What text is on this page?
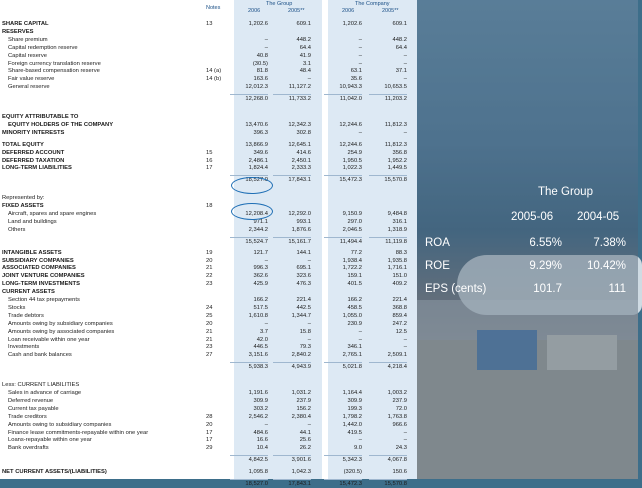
Notes
The Group	The Company
2006	2005**	2006	2005**
SHARE CAPITAL	13	1,202.6	609.1	1,202.6	609.1
RESERVES
Share premium	–	448.2	–	448.2
Capital redemption reserve	–	64.4	–	64.4
Capital reserve	40.8	41.9	–	–
Foreign currency translation reserve	(30.5)	3.1	–	–
Share-based compensation reserve	14 (a)	81.8	48.4	63.1	37.1
Fair value reserve	14 (b)	163.6	–	35.6	–
General reserve	12,012.3	11,127.2	10,943.3	10,653.5
12,268.0	11,733.2	11,042.0	11,203.2
EQUITY ATTRIBUTABLE TO
EQUITY HOLDERS OF THE COMPANY	13,470.6	12,342.3	12,244.6	11,812.3
MINORITY INTERESTS	396.3	302.8	–	–
TOTAL EQUITY	13,866.9	12,645.1	12,244.6	11,812.3
DEFERRED ACCOUNT	15	349.6	414.6	254.9	356.8
DEFERRED TAXATION	16	2,486.1	2,450.1	1,950.5	1,952.2
LONG-TERM LIABILITIES	17	1,824.4	2,333.3	1,022.3	1,449.5
18,527.0	17,843.1	15,472.3	15,570.8
Represented by:
FIXED ASSETS	18
Aircraft, spares and spare engines	12,208.4	12,292.0	9,150.9	9,484.8
Land and buildings	971.1	993.1	297.0	316.1
Others	2,344.2	1,876.6	2,046.5	1,318.9
15,524.7	15,161.7	11,494.4	11,119.8
INTANGIBLE ASSETS	19	121.7	144.1	77.2	88.3
SUBSIDIARY COMPANIES	20	–	–	1,938.4	1,935.8
ASSOCIATED COMPANIES	21	996.3	695.1	1,722.2	1,716.1
JOINT VENTURE COMPANIES	22	362.6	323.6	159.1	151.0
LONG-TERM INVESTMENTS	23	425.9	476.3	401.5	409.2
CURRENT ASSETS
Section 44 tax prepayments	166.2	221.4	166.2	221.4
Stocks	24	517.5	442.5	458.5	368.8
Trade debtors	25	1,610.8	1,344.7	1,055.0	859.4
Amounts owing by subsidiary companies	20	–	–	230.9	247.2
Amounts owing by associated companies	21	3.7	15.8	–	12.5
Loan receivable within one year	21	42.0	–	–	–
Investments	23	446.5	79.3	346.1	–
Cash and bank balances	27	3,151.6	2,840.2	2,765.1	2,509.1
5,938.3	4,943.9	5,021.8	4,218.4
Less: CURRENT LIABILITIES
Sales in advance of carriage	1,191.6	1,031.2	1,164.4	1,003.2
Deferred revenue	309.9	237.9	309.9	237.9
Current tax payable	303.2	156.2	199.3	72.0
Trade creditors	28	2,546.2	2,380.4	1,798.2	1,763.8
Amounts owing to subsidiary companies	20	–	–	1,442.0	966.6
Finance lease commitments-repayable within one year	17	484.6	44.1	419.5	–
Loans-repayable within one year	17	16.6	25.6	–	–
Bank overdrafts	29	10.4	26.2	9.0	24.3
4,842.5	3,901.6	5,342.3	4,067.8
NET CURRENT ASSETS/(LIABILITIES)	1,095.8	1,042.3	(320.5)	150.6
18,527.0	17,843.1	15,472.3	15,570.8
The Group
2005-06 2004-05
ROA	6.55%	7.38%
ROE	9.29%	10.42%
EPS (cents)	101.7	111
